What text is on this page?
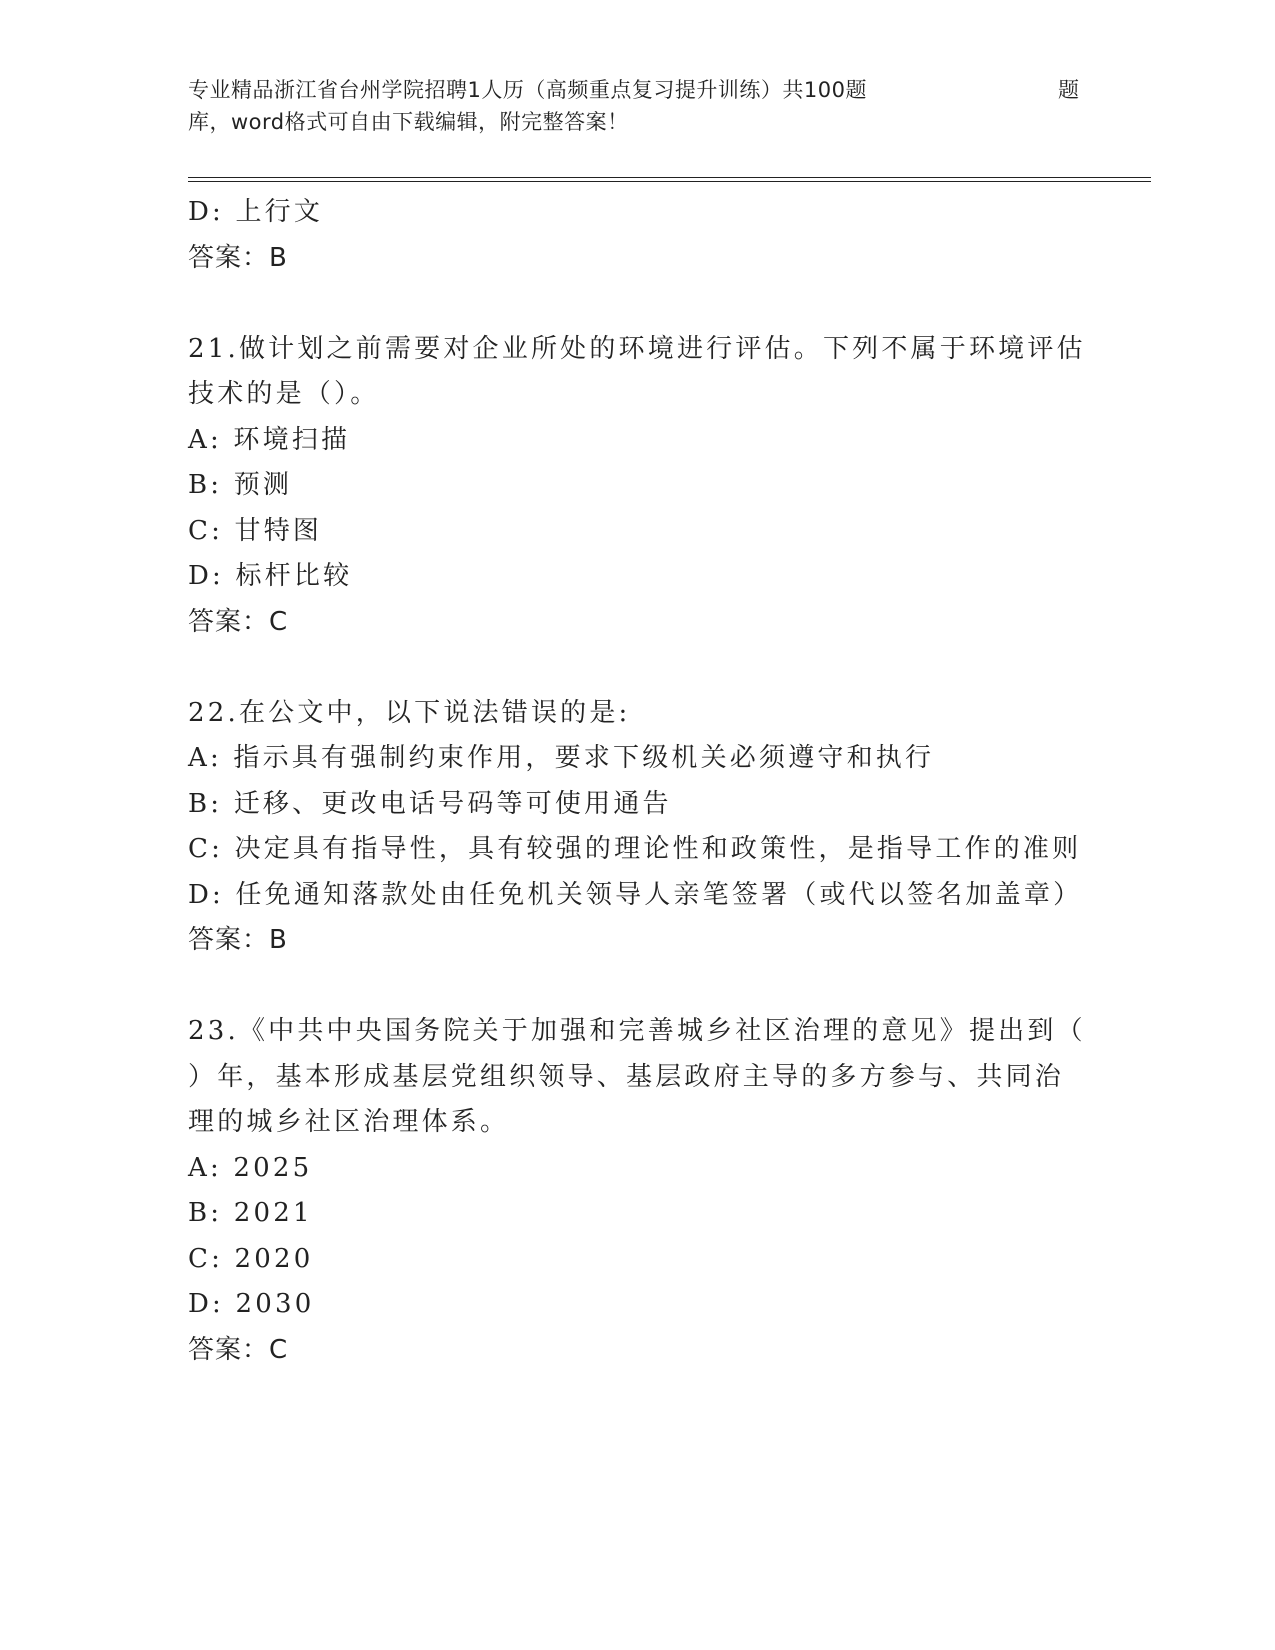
专业精品浙江省台州学院招聘1人历（高频重点复习提升训练）共100题	题
库，word格式可自由下载编辑，附完整答案！
D: 上行文
答案：B
21.做计划之前需要对企业所处的环境进行评估。下列不属于环境评估
技术的是（）。
A: 环境扫描
B: 预测
C: 甘特图
D: 标杆比较
答案：C
22.在公文中，以下说法错误的是:
A: 指示具有强制约束作用，要求下级机关必须遵守和执行
B: 迁移、更改电话号码等可使用通告
C: 决定具有指导性，具有较强的理论性和政策性，是指导工作的准则
D: 任免通知落款处由任免机关领导人亲笔签署（或代以签名加盖章）
答案：B
23.《中共中央国务院关于加强和完善城乡社区治理的意见》提出到（
）年，基本形成基层党组织领导、基层政府主导的多方参与、共同治
理的城乡社区治理体系。
A: 2025
B: 2021
C: 2020
D: 2030
答案：C
